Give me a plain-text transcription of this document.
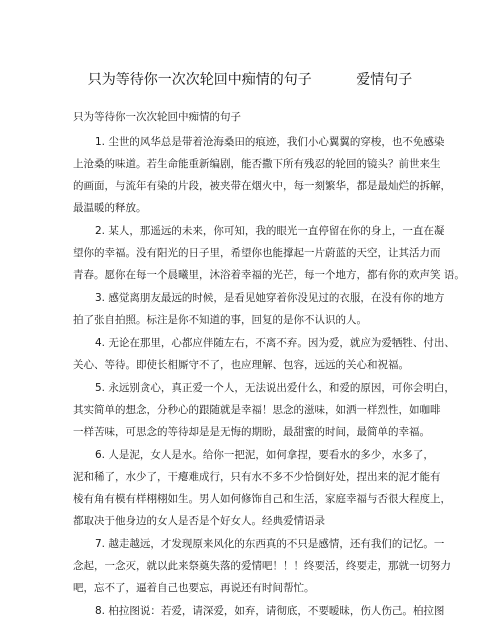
只为等待你一次次轮回中痴情的句子          爱情句子
只为等待你一次次轮回中痴情的句子
1. 尘世的风华总是带着沧海桑田的痕迹，我们小心翼翼的穿梭，也不免感染
上沧桑的味道。若生命能重新编剧，能否撒下所有残忍的轮回的镜头？前世来生
的画面，与流年有染的片段，被夹带在烟火中，每一刻繁华，都是最灿烂的拆解，
最温暖的释放。
2. 某人，那遥远的未来，你可知，我的眼光一直停留在你的身上，一直在凝
望你的幸福。没有阳光的日子里，希望你也能撑起一片蔚蓝的天空，让其活力而
青春。愿你在每一个晨曦里，沐浴着幸福的光芒，每一个地方，都有你的欢声笑 语。
3. 感觉离朋友最远的时候，是看见她穿着你没见过的衣服，在没有你的地方
拍了张自拍照。标注是你不知道的事，回复的是你不认识的人。
4. 无论在那里，心都应伴随左右，不离不弃。因为爱，就应为爱牺牲、付出、
关心、等待。即使长相厮守不了，也应理解、包容，远远的关心和祝福。
5. 永远别贪心，真正爱一个人，无法说出爱什么，和爱的原因，可你会明白，
其实简单的想念，分秒心的跟随就是幸福！思念的滋味，如洒一样烈性，如咖啡
一样苦味，可思念的等待却是是无悔的期盼，最甜蜜的时间，最简单的幸福。
6. 人是泥，女人是水。给你一把泥，如何拿捏，要看水的多少，水多了，
泥和稀了，水少了，干瘪难成行，只有水不多不少恰倒好处，捏出来的泥才能有
棱有角有模有样栩栩如生。男人如何修饰自己和生活，家庭幸福与否很大程度上，
都取决于他身边的女人是否是个好女人。经典爱情语录
7. 越走越远，才发现原来风化的东西真的不只是感情，还有我们的记忆。一
念起，一念灭，就以此来祭奠失落的爱情吧！！！终要活，终要走，那就一切努力
吧，忘不了，逼着自己也要忘，再说还有时间帮忙。
8. 柏拉图说：若爱，请深爱，如弃，请彻底，不要暧昧，伤人伤己。柏拉图
